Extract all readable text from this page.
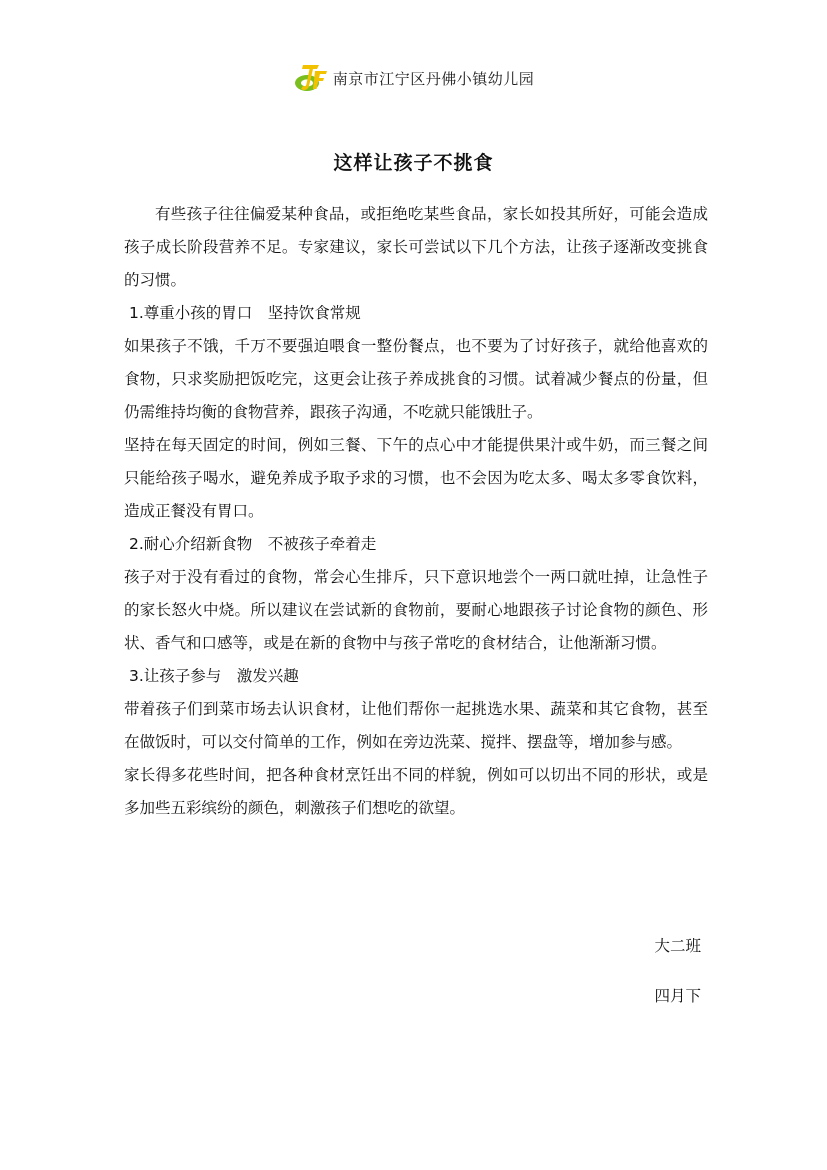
南京市江宁区丹佛小镇幼儿园
这样让孩子不挑食

有些孩子往往偏爱某种食品，或拒绝吃某些食品，家长如投其所好，可能会造成孩子成长阶段营养不足。专家建议，家长可尝试以下几个方法，让孩子逐渐改变挑食的习惯。

1.尊重小孩的胃口　坚持饮食常规

如果孩子不饿，千万不要强迫喂食一整份餐点，也不要为了讨好孩子，就给他喜欢的食物，只求奖励把饭吃完，这更会让孩子养成挑食的习惯。试着减少餐点的份量，但仍需维持均衡的食物营养，跟孩子沟通，不吃就只能饿肚子。

坚持在每天固定的时间，例如三餐、下午的点心中才能提供果汁或牛奶，而三餐之间只能给孩子喝水，避免养成予取予求的习惯，也不会因为吃太多、喝太多零食饮料，造成正餐没有胃口。

2.耐心介绍新食物　不被孩子牵着走

孩子对于没有看过的食物，常会心生排斥，只下意识地尝个一两口就吐掉，让急性子的家长怒火中烧。所以建议在尝试新的食物前，要耐心地跟孩子讨论食物的颜色、形状、香气和口感等，或是在新的食物中与孩子常吃的食材结合，让他渐渐习惯。

3.让孩子参与　激发兴趣

带着孩子们到菜市场去认识食材，让他们帮你一起挑选水果、蔬菜和其它食物，甚至在做饭时，可以交付简单的工作，例如在旁边洗菜、搅拌、摆盘等，增加参与感。

家长得多花些时间，把各种食材烹饪出不同的样貌，例如可以切出不同的形状，或是多加些五彩缤纷的颜色，刺激孩子们想吃的欲望。

大二班
四月下
